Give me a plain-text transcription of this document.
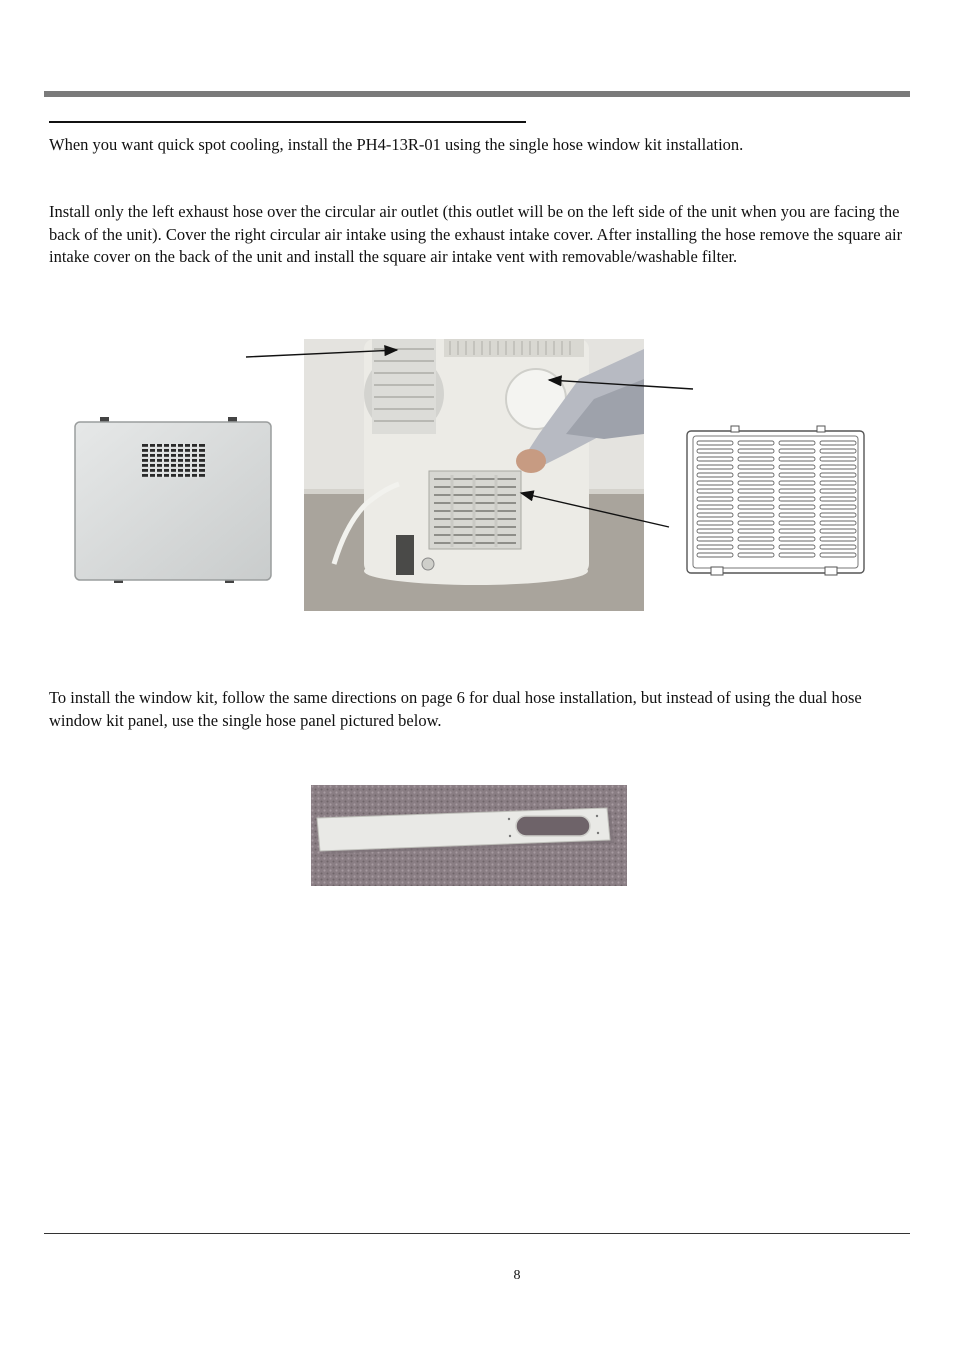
When you want quick spot cooling, install the PH4-13R-01 using the single hose window kit installation.

Install only the left exhaust hose over the circular air outlet (this outlet will be on the left side of the unit when you are facing the back of the unit). Cover the right circular air intake using the exhaust intake cover. After installing the hose remove the square air intake cover on the back of the unit and install the square air intake vent with removable/washable filter.

To install the window kit, follow the same directions on page 6 for dual hose installation, but instead of using the dual hose window kit panel, use the single hose panel pictured below.

8
